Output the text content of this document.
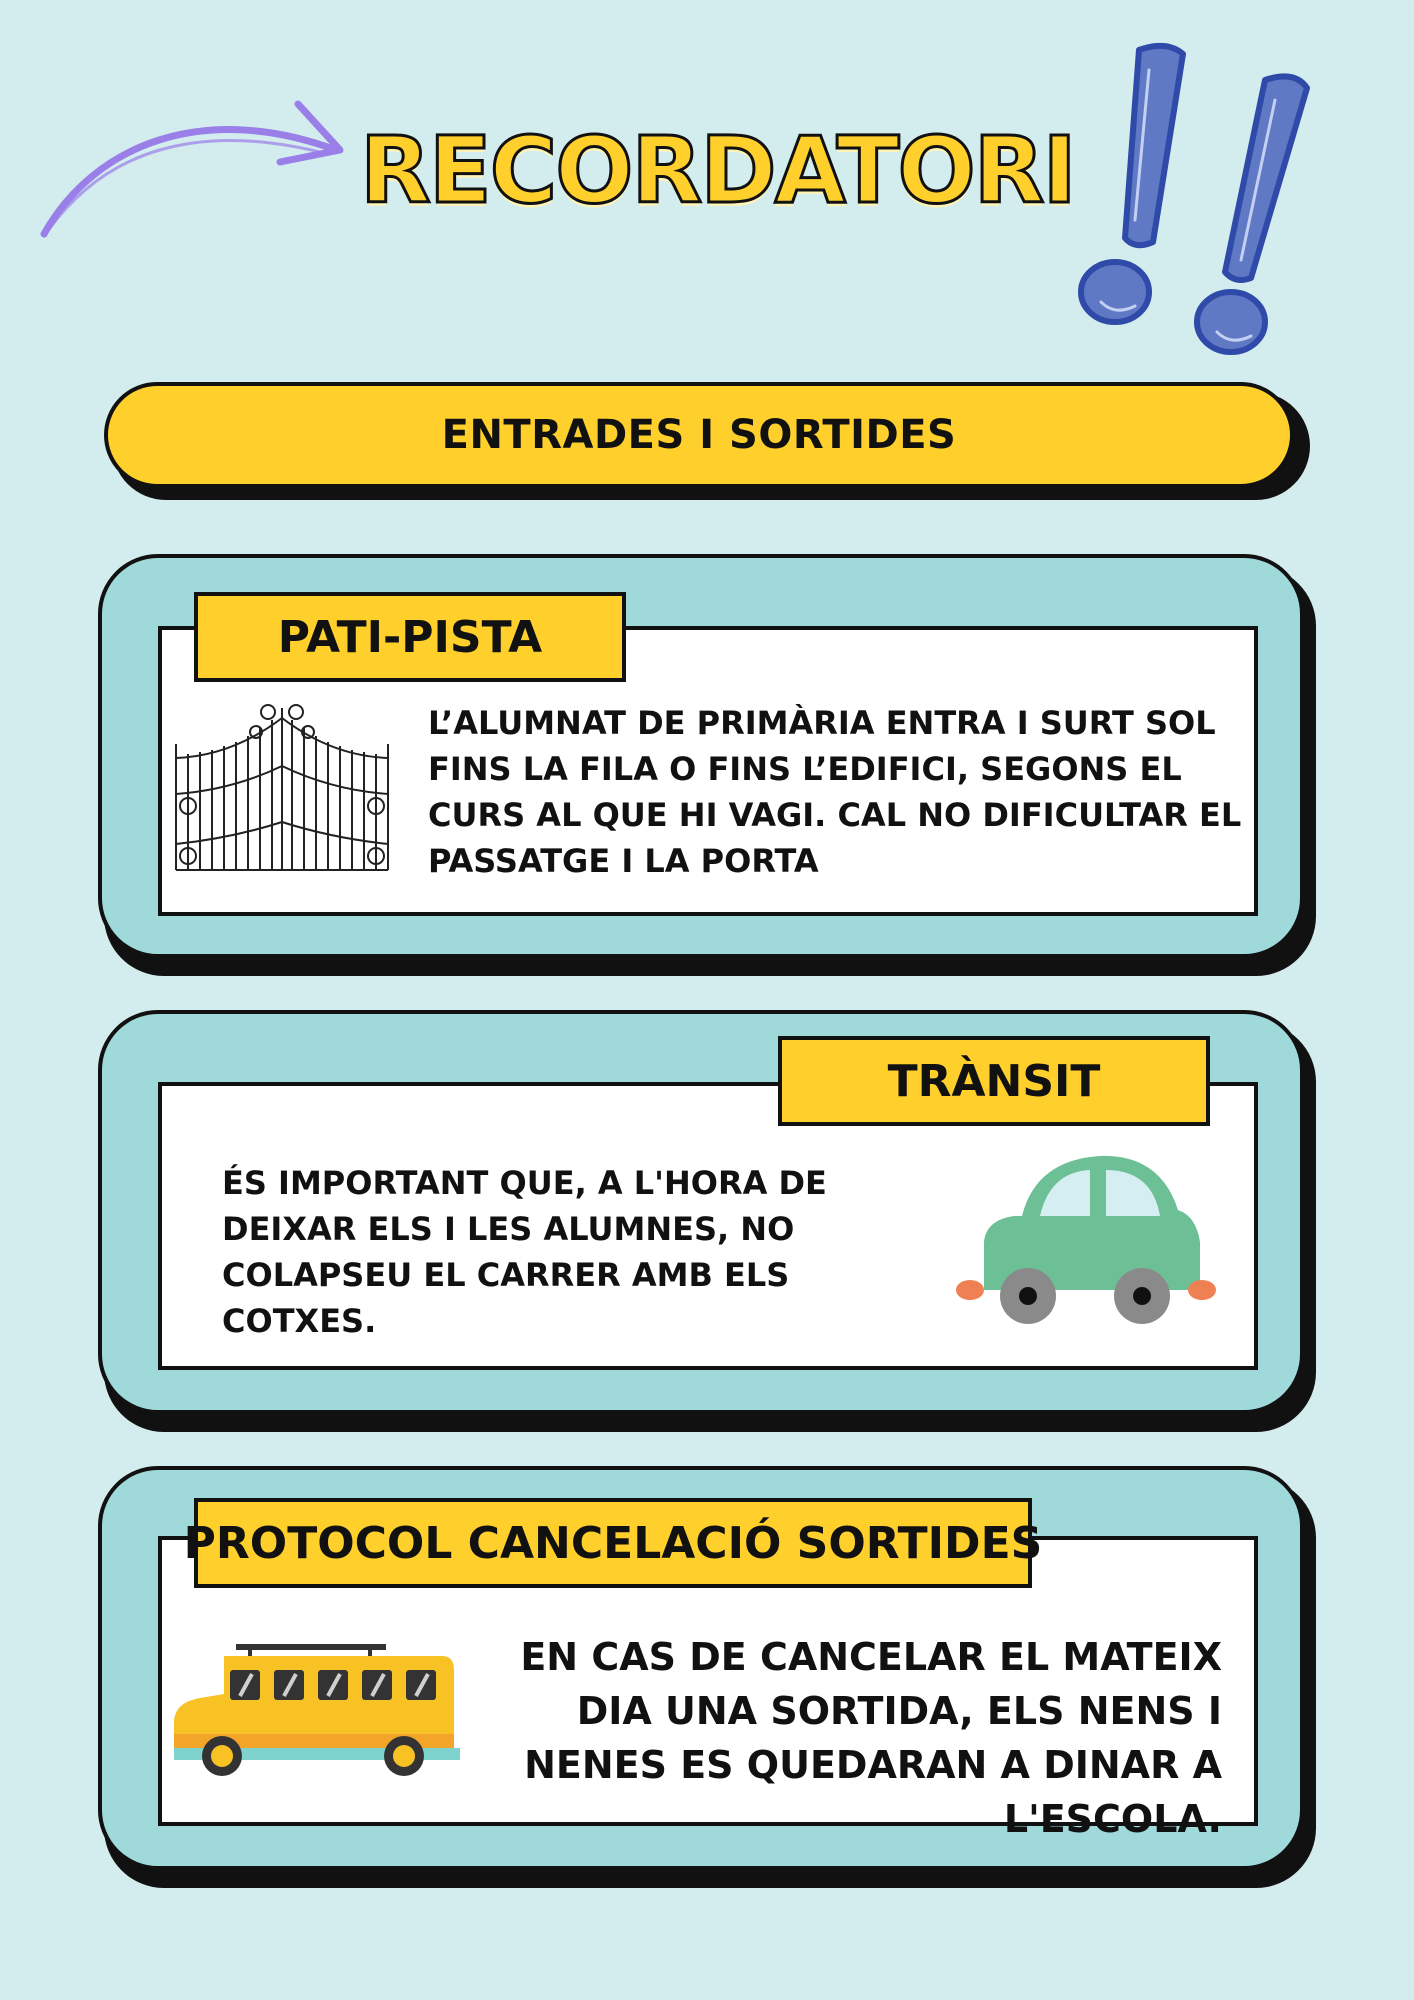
RECORDATORI
ENTRADES I SORTIDES
PATI-PISTA
L’ALUMNAT DE PRIMÀRIA ENTRA I SURT SOL FINS LA FILA O FINS L’EDIFICI, SEGONS EL CURS AL QUE HI VAGI. CAL NO DIFICULTAR EL PASSATGE I LA PORTA
TRÀNSIT
ÉS IMPORTANT QUE, A L'HORA DE DEIXAR ELS I LES ALUMNES, NO COLAPSEU EL CARRER AMB ELS COTXES.
PROTOCOL CANCELACIÓ SORTIDES
EN CAS DE CANCELAR EL MATEIX DIA UNA SORTIDA, ELS NENS I NENES ES QUEDARAN A DINAR A L'ESCOLA.
